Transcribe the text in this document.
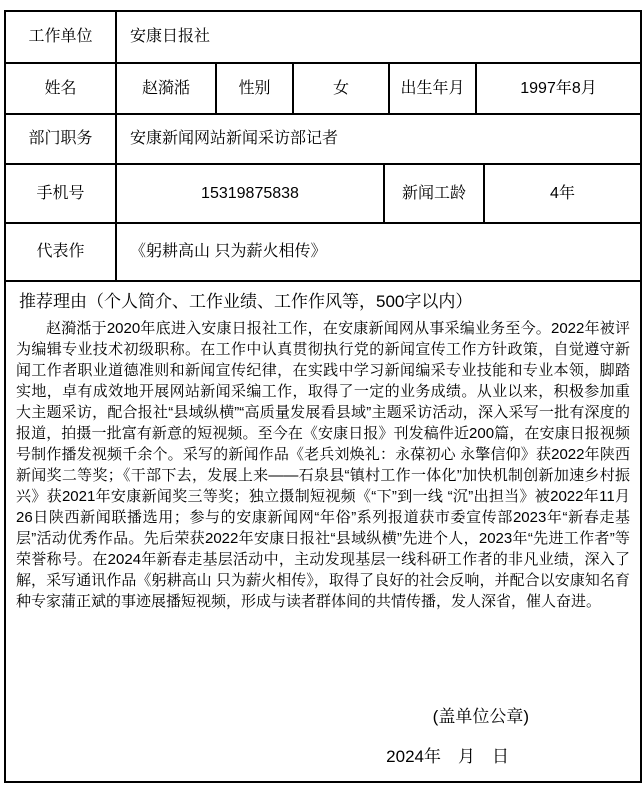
工作单位	安康日报社
姓名	赵漪湉	性别	女	出生年月	1997年8月
部门职务	安康新闻网站新闻采访部记者
手机号	15319875838	新闻工龄	4年
代表作	《躬耕高山 只为薪火相传》
推荐理由（个人简介、工作业绩、工作作风等，500字以内）
赵漪湉于2020年底进入安康日报社工作，在安康新闻网从事采编业务至今。2022年被评为编辑专业技术初级职称。在工作中认真贯彻执行党的新闻宣传工作方针政策，自觉遵守新闻工作者职业道德准则和新闻宣传纪律，在实践中学习新闻编采专业技能和专业本领，脚踏实地，卓有成效地开展网站新闻采编工作，取得了一定的业务成绩。从业以来，积极参加重大主题采访，配合报社“县域纵横”“高质量发展看县域”主题采访活动，深入采写一批有深度的报道，拍摄一批富有新意的短视频。至今在《安康日报》刊发稿件近200篇，在安康日报视频号制作播发视频千余个。采写的新闻作品《老兵刘焕礼：永葆初心 永擎信仰》获2022年陕西新闻奖二等奖；《干部下去，发展上来——石泉县“镇村工作一体化”加快机制创新加速乡村振兴》获2021年安康新闻奖三等奖；独立摄制短视频《“下”到一线 “沉”出担当》被2022年11月26日陕西新闻联播选用；参与的安康新闻网“年俗”系列报道获市委宣传部2023年“新春走基层”活动优秀作品。先后荣获2022年安康日报社“县域纵横”先进个人，2023年“先进工作者”等荣誉称号。在2024年新春走基层活动中，主动发现基层一线科研工作者的非凡业绩，深入了解，采写通讯作品《躬耕高山 只为薪火相传》，取得了良好的社会反响，并配合以安康知名育种专家蒲正斌的事迹展播短视频，形成与读者群体间的共情传播，发人深省，催人奋进。
(盖单位公章)
2024年　月　日
